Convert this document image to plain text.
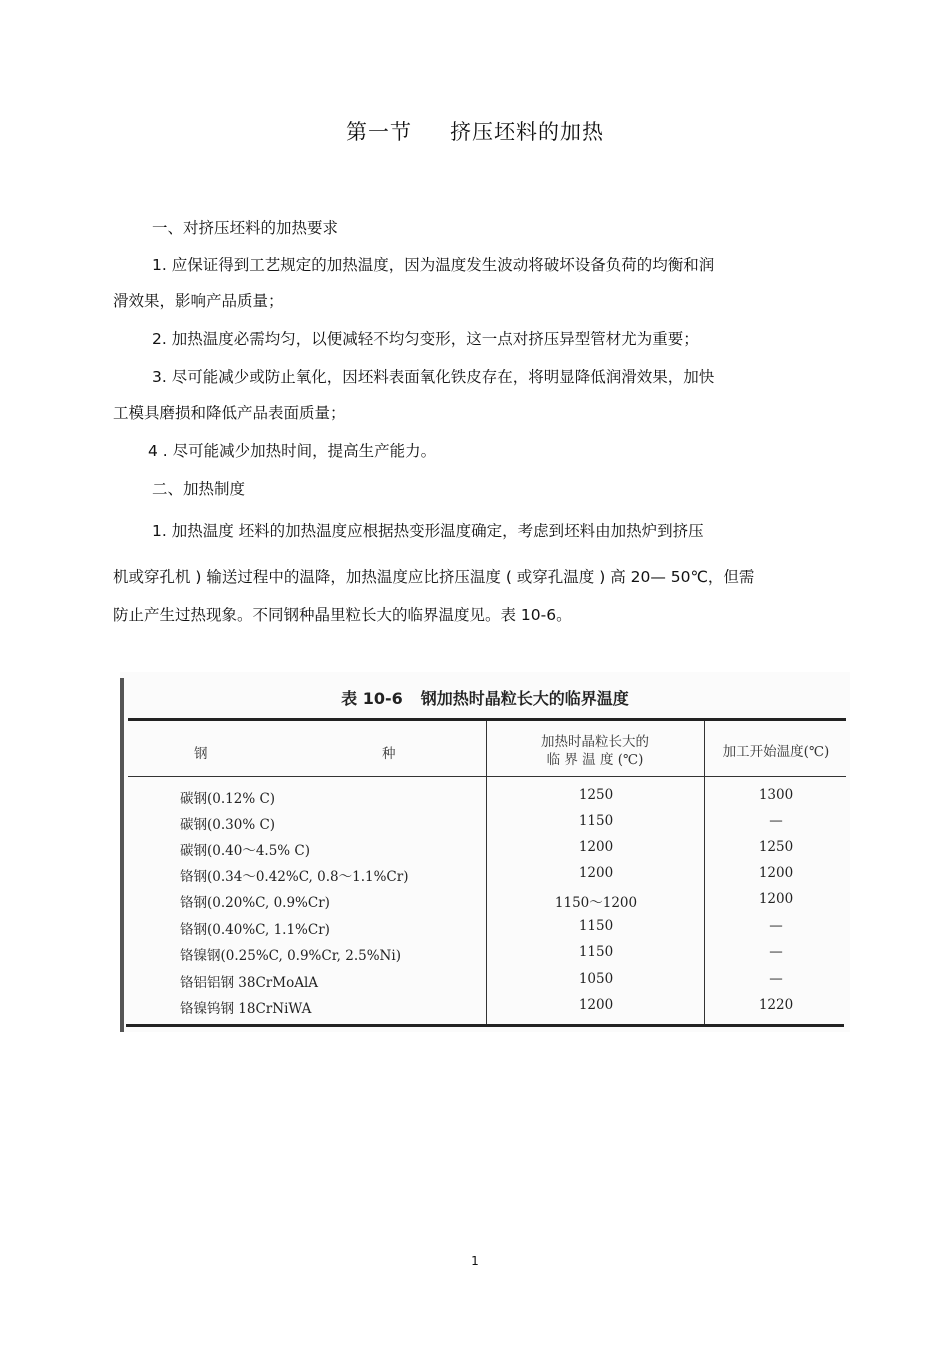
第一节 挤压坯料的加热
一、对挤压坯料的加热要求
1. 应保证得到工艺规定的加热温度，因为温度发生波动将破坏设备负荷的均衡和润
滑效果，影响产品质量；
2. 加热温度必需均匀，以便减轻不均匀变形，这一点对挤压异型管材尤为重要；
3. 尽可能减少或防止氧化，因坯料表面氧化铁皮存在，将明显降低润滑效果，加快
工模具磨损和降低产品表面质量；
4 . 尽可能减少加热时间，提高生产能力。
二、加热制度
1. 加热温度 坯料的加热温度应根据热变形温度确定，考虑到坯料由加热炉到挤压
机或穿孔机 ) 输送过程中的温降，加热温度应比挤压温度 ( 或穿孔温度 ) 高 20— 50℃，但需
防止产生过热现象。不同钢种晶里粒长大的临界温度见。表 10-6。
表 10-6 钢加热时晶粒长大的临界温度
钢	种
加热时晶粒长大的
临 界 温 度 (℃)	加工开始温度(℃)
碳钢(0.12% C)	1250	1300
碳钢(0.30% C)	1150	—
碳钢(0.40～4.5% C)	1200	1250
铬钢(0.34～0.42%C, 0.8～1.1%Cr)	1200	1200
铬钢(0.20%C, 0.9%Cr)	1150～1200	1200
铬钢(0.40%C, 1.1%Cr)	1150	—
铬镍钢(0.25%C, 0.9%Cr, 2.5%Ni)	1150	—
铬铝铝钢 38CrMoAlA	1050	—
铬镍钨钢 18CrNiWA	1200	1220
1
